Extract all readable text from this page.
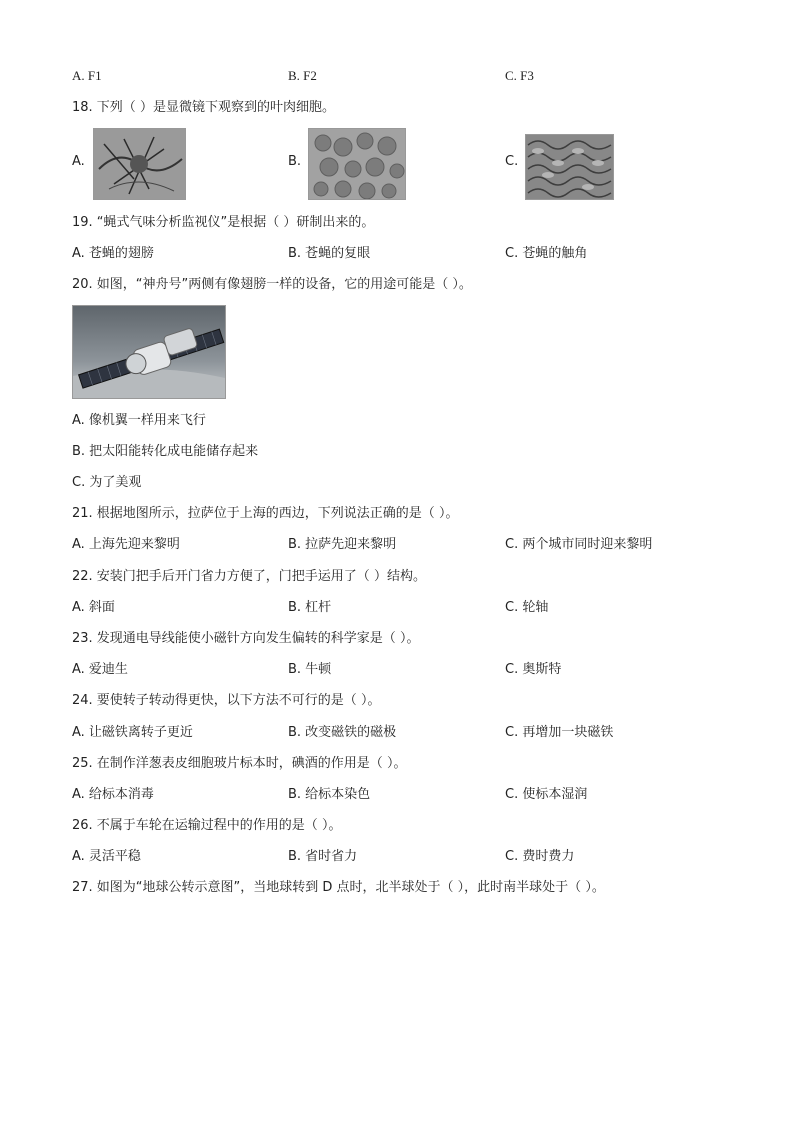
A. F1	B. F2	C. F3
18. 下列（ ）是显微镜下观察到的叶肉细胞。
A.	B.	C.
19. “蝇式气味分析监视仪”是根据（ ）研制出来的。
A. 苍蝇的翅膀	B. 苍蝇的复眼	C. 苍蝇的触角
20. 如图，“神舟号”两侧有像翅膀一样的设备，它的用途可能是（ ）。
A. 像机翼一样用来飞行
B. 把太阳能转化成电能储存起来
C. 为了美观
21. 根据地图所示，拉萨位于上海的西边，下列说法正确的是（ ）。
A. 上海先迎来黎明	B. 拉萨先迎来黎明	C. 两个城市同时迎来黎明
22. 安装门把手后开门省力方便了，门把手运用了（ ）结构。
A. 斜面	B. 杠杆	C. 轮轴
23. 发现通电导线能使小磁针方向发生偏转的科学家是（ ）。
A. 爱迪生	B. 牛顿	C. 奥斯特
24. 要使转子转动得更快，以下方法不可行的是（ ）。
A. 让磁铁离转子更近	B. 改变磁铁的磁极	C. 再增加一块磁铁
25. 在制作洋葱表皮细胞玻片标本时，碘酒的作用是（ ）。
A. 给标本消毒	B. 给标本染色	C. 使标本湿润
26. 不属于车轮在运输过程中的作用的是（ ）。
A. 灵活平稳	B. 省时省力	C. 费时费力
27. 如图为“地球公转示意图”，当地球转到 D 点时，北半球处于（ ），此时南半球处于（ ）。
